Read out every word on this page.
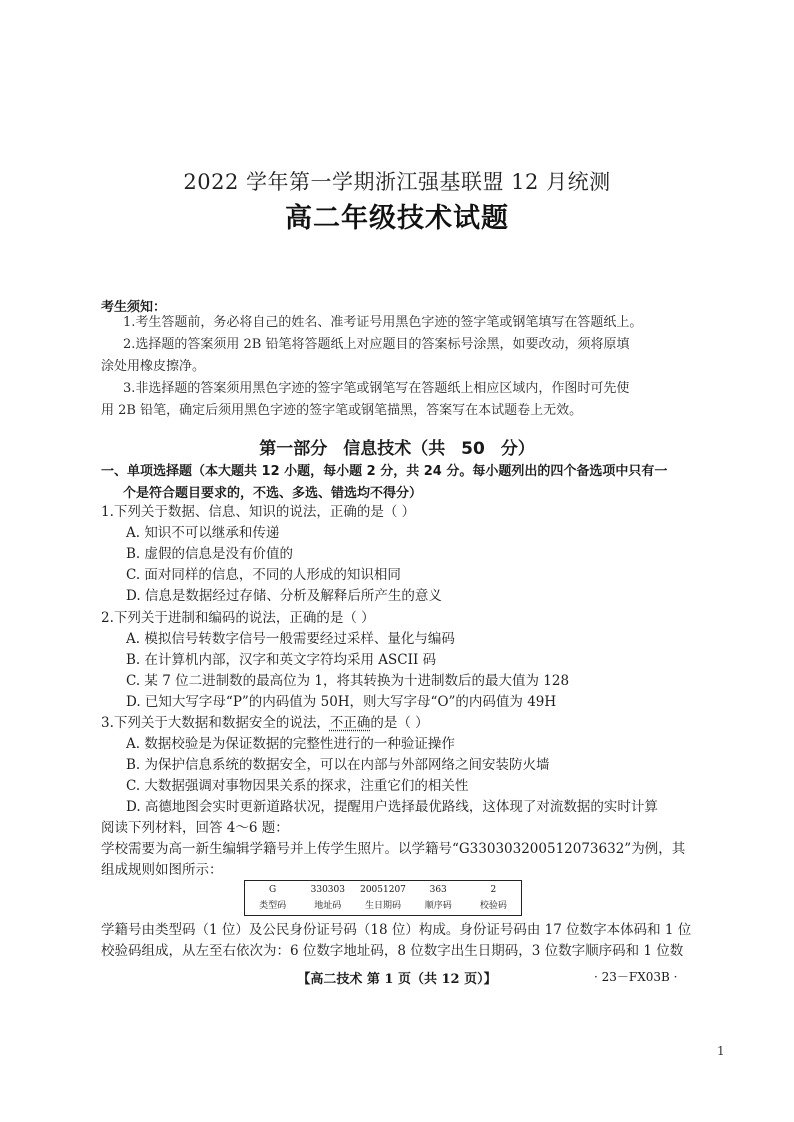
2022 学年第一学期浙江强基联盟 12 月统测
高二年级技术试题
考生须知：
1.考生答题前，务必将自己的姓名、准考证号用黑色字迹的签字笔或钢笔填写在答题纸上。
2.选择题的答案须用 2B 铅笔将答题纸上对应题目的答案标号涂黑，如要改动，须将原填
涂处用橡皮擦净。
3.非选择题的答案须用黑色字迹的签字笔或钢笔写在答题纸上相应区域内，作图时可先使
用 2B 铅笔，确定后须用黑色字迹的签字笔或钢笔描黑，答案写在本试题卷上无效。
第一部分 信息技术（共 50 分）
一、单项选择题（本大题共 12 小题，每小题 2 分，共 24 分。每小题列出的四个备选项中只有一
个是符合题目要求的，不选、多选、错选均不得分）
1.下列关于数据、信息、知识的说法，正确的是（ ）
A. 知识不可以继承和传递
B. 虚假的信息是没有价值的
C. 面对同样的信息，不同的人形成的知识相同
D. 信息是数据经过存储、分析及解释后所产生的意义
2.下列关于进制和编码的说法，正确的是（ ）
A. 模拟信号转数字信号一般需要经过采样、量化与编码
B. 在计算机内部，汉字和英文字符均采用 ASCII 码
C. 某 7 位二进制数的最高位为 1，将其转换为十进制数后的最大值为 128
D. 已知大写字母“P”的内码值为 50H，则大写字母“O”的内码值为 49H
3.下列关于大数据和数据安全的说法，不正确的是（ ）
A. 数据校验是为保证数据的完整性进行的一种验证操作
B. 为保护信息系统的数据安全，可以在内部与外部网络之间安装防火墙
C. 大数据强调对事物因果关系的探求，注重它们的相关性
D. 高德地图会实时更新道路状况，提醒用户选择最优路线，这体现了对流数据的实时计算
阅读下列材料，回答 4～6 题：
学校需要为高一新生编辑学籍号并上传学生照片。以学籍号“G33030320051207363​2”为例，其
组成规则如图所示：
G
类型码
330303
地址码
20051207
生日期码
363
顺序码
2
校验码
学籍号由类型码（1 位）及公民身份证号码（18 位）构成。身份证号码由 17 位数字本体码和 1 位
校验码组成，从左至右依次为：6 位数字地址码，8 位数字出生日期码，3 位数字顺序码和 1 位数
【高二技术 第 1 页（共 12 页）】	· 23－FX03B ·
1
